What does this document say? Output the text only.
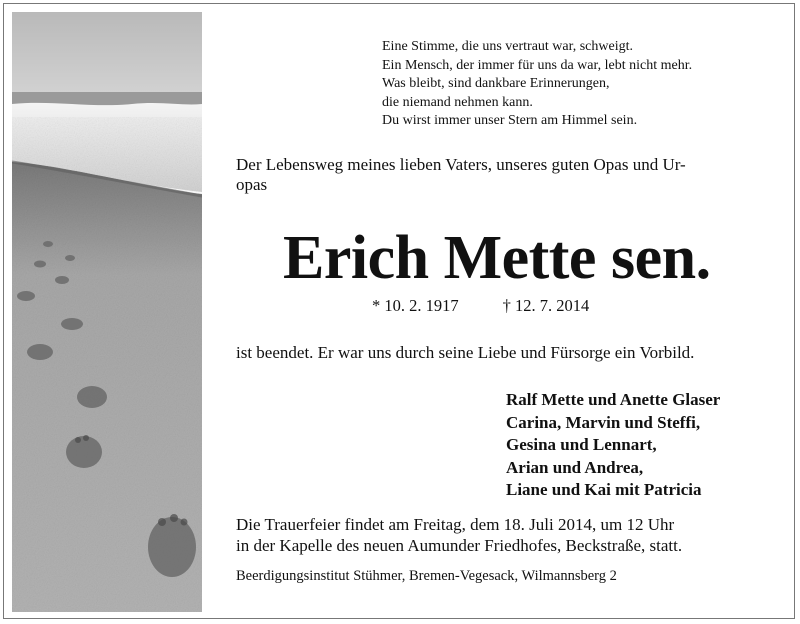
Eine Stimme, die uns vertraut war, schweigt.
Ein Mensch, der immer für uns da war, lebt nicht mehr.
Was bleibt, sind dankbare Erinnerungen,
die niemand nehmen kann.
Du wirst immer unser Stern am Himmel sein.
Der Lebensweg meines lieben Vaters, unseres guten Opas und Ur-
opas
Erich Mette sen.
* 10. 2. 1917	† 12. 7. 2014
ist beendet. Er war uns durch seine Liebe und Fürsorge ein Vorbild.
Ralf Mette und Anette Glaser
Carina, Marvin und Steffi,
Gesina und Lennart,
Arian und Andrea,
Liane und Kai mit Patricia
Die Trauerfeier findet am Freitag, dem 18. Juli 2014, um 12 Uhr
in der Kapelle des neuen Aumunder Friedhofes, Beckstraße, statt.
Beerdigungsinstitut Stühmer, Bremen-Vegesack, Wilmannsberg 2
